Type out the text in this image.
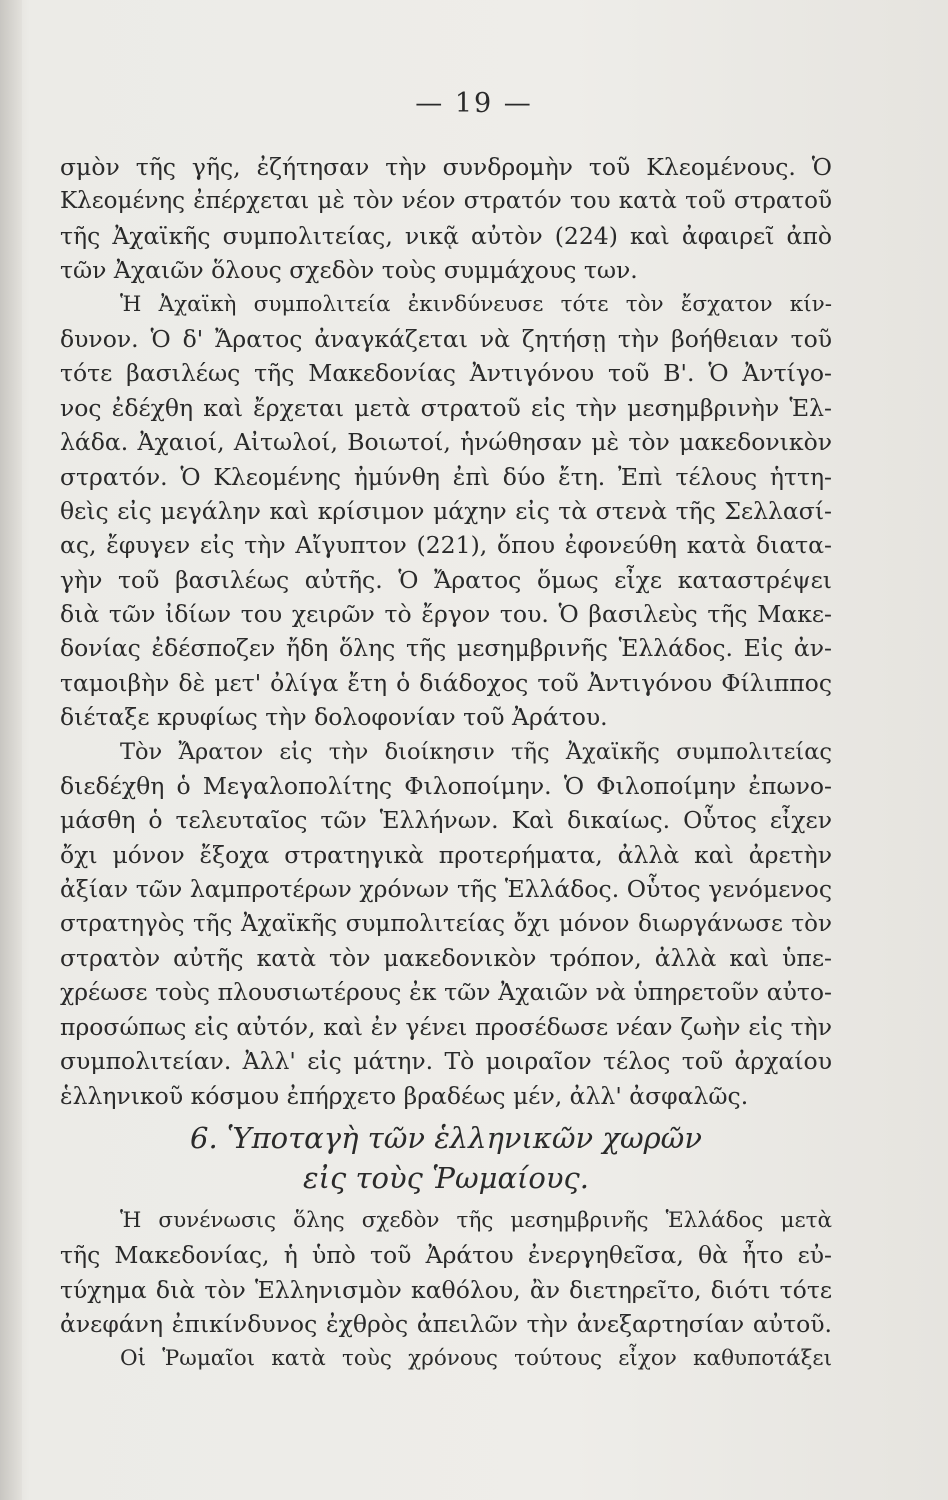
— 19 —
σμὸν τῆς γῆς, ἐζήτησαν τὴν συνδρομὴν τοῦ Κλεομένους. Ὁ
Κλεομένης ἐπέρχεται μὲ τὸν νέον στρατόν του κατὰ τοῦ στρατοῦ
τῆς Ἀχαϊκῆς συμπολιτείας, νικᾷ αὐτὸν (224) καὶ ἀφαιρεῖ ἀπὸ
τῶν Ἀχαιῶν ὅλους σχεδὸν τοὺς συμμάχους των.
Ἡ Ἀχαϊκὴ συμπολιτεία ἐκινδύνευσε τότε τὸν ἔσχατον κίν-
δυνον. Ὁ δ' Ἄρατος ἀναγκάζεται νὰ ζητήσῃ τὴν βοήθειαν τοῦ
τότε βασιλέως τῆς Μακεδονίας Ἀντιγόνου τοῦ Β'. Ὁ Ἀντίγο-
νος ἐδέχθη καὶ ἔρχεται μετὰ στρατοῦ εἰς τὴν μεσημβρινὴν Ἑλ-
λάδα. Ἀχαιοί, Αἰτωλοί, Βοιωτοί, ἡνώθησαν μὲ τὸν μακεδονικὸν
στρατόν. Ὁ Κλεομένης ἠμύνθη ἐπὶ δύο ἔτη. Ἐπὶ τέλους ἡττη-
θεὶς εἰς μεγάλην καὶ κρίσιμον μάχην εἰς τὰ στενὰ τῆς Σελλασί-
ας, ἔφυγεν εἰς τὴν Αἴγυπτον (221), ὅπου ἐφονεύθη κατὰ διατα-
γὴν τοῦ βασιλέως αὐτῆς. Ὁ Ἄρατος ὅμως εἶχε καταστρέψει
διὰ τῶν ἰδίων του χειρῶν τὸ ἔργον του. Ὁ βασιλεὺς τῆς Μακε-
δονίας ἐδέσποζεν ἤδη ὅλης τῆς μεσημβρινῆς Ἑλλάδος. Εἰς ἀν-
ταμοιβὴν δὲ μετ' ὀλίγα ἔτη ὁ διάδοχος τοῦ Ἀντιγόνου Φίλιππος
διέταξε κρυφίως τὴν δολοφονίαν τοῦ Ἀράτου.
Τὸν Ἄρατον εἰς τὴν διοίκησιν τῆς Ἀχαϊκῆς συμπολιτείας
διεδέχθη ὁ Μεγαλοπολίτης Φιλοποίμην. Ὁ Φιλοποίμην ἐπωνο-
μάσθη ὁ τελευταῖος τῶν Ἑλλήνων. Καὶ δικαίως. Οὗτος εἶχεν
ὄχι μόνον ἔξοχα στρατηγικὰ προτερήματα, ἀλλὰ καὶ ἀρετὴν
ἀξίαν τῶν λαμπροτέρων χρόνων τῆς Ἑλλάδος. Οὗτος γενόμενος
στρατηγὸς τῆς Ἀχαϊκῆς συμπολιτείας ὄχι μόνον διωργάνωσε τὸν
στρατὸν αὐτῆς κατὰ τὸν μακεδονικὸν τρόπον, ἀλλὰ καὶ ὑπε-
χρέωσε τοὺς πλουσιωτέρους ἐκ τῶν Ἀχαιῶν νὰ ὑπηρετοῦν αὐτο-
προσώπως εἰς αὐτόν, καὶ ἐν γένει προσέδωσε νέαν ζωὴν εἰς τὴν
συμπολιτείαν. Ἀλλ' εἰς μάτην. Τὸ μοιραῖον τέλος τοῦ ἀρχαίου
ἑλληνικοῦ κόσμου ἐπήρχετο βραδέως μέν, ἀλλ' ἀσφαλῶς.
6. Ὑποταγὴ τῶν ἑλληνικῶν χωρῶν
εἰς τοὺς Ῥωμαίους.
Ἡ συνένωσις ὅλης σχεδὸν τῆς μεσημβρινῆς Ἑλλάδος μετὰ
τῆς Μακεδονίας, ἡ ὑπὸ τοῦ Ἀράτου ἐνεργηθεῖσα, θὰ ἦτο εὐ-
τύχημα διὰ τὸν Ἑλληνισμὸν καθόλου, ἂν διετηρεῖτο, διότι τότε
ἀνεφάνη ἐπικίνδυνος ἐχθρὸς ἀπειλῶν τὴν ἀνεξαρτησίαν αὐτοῦ.
Οἱ Ῥωμαῖοι κατὰ τοὺς χρόνους τούτους εἶχον καθυποτάξει
